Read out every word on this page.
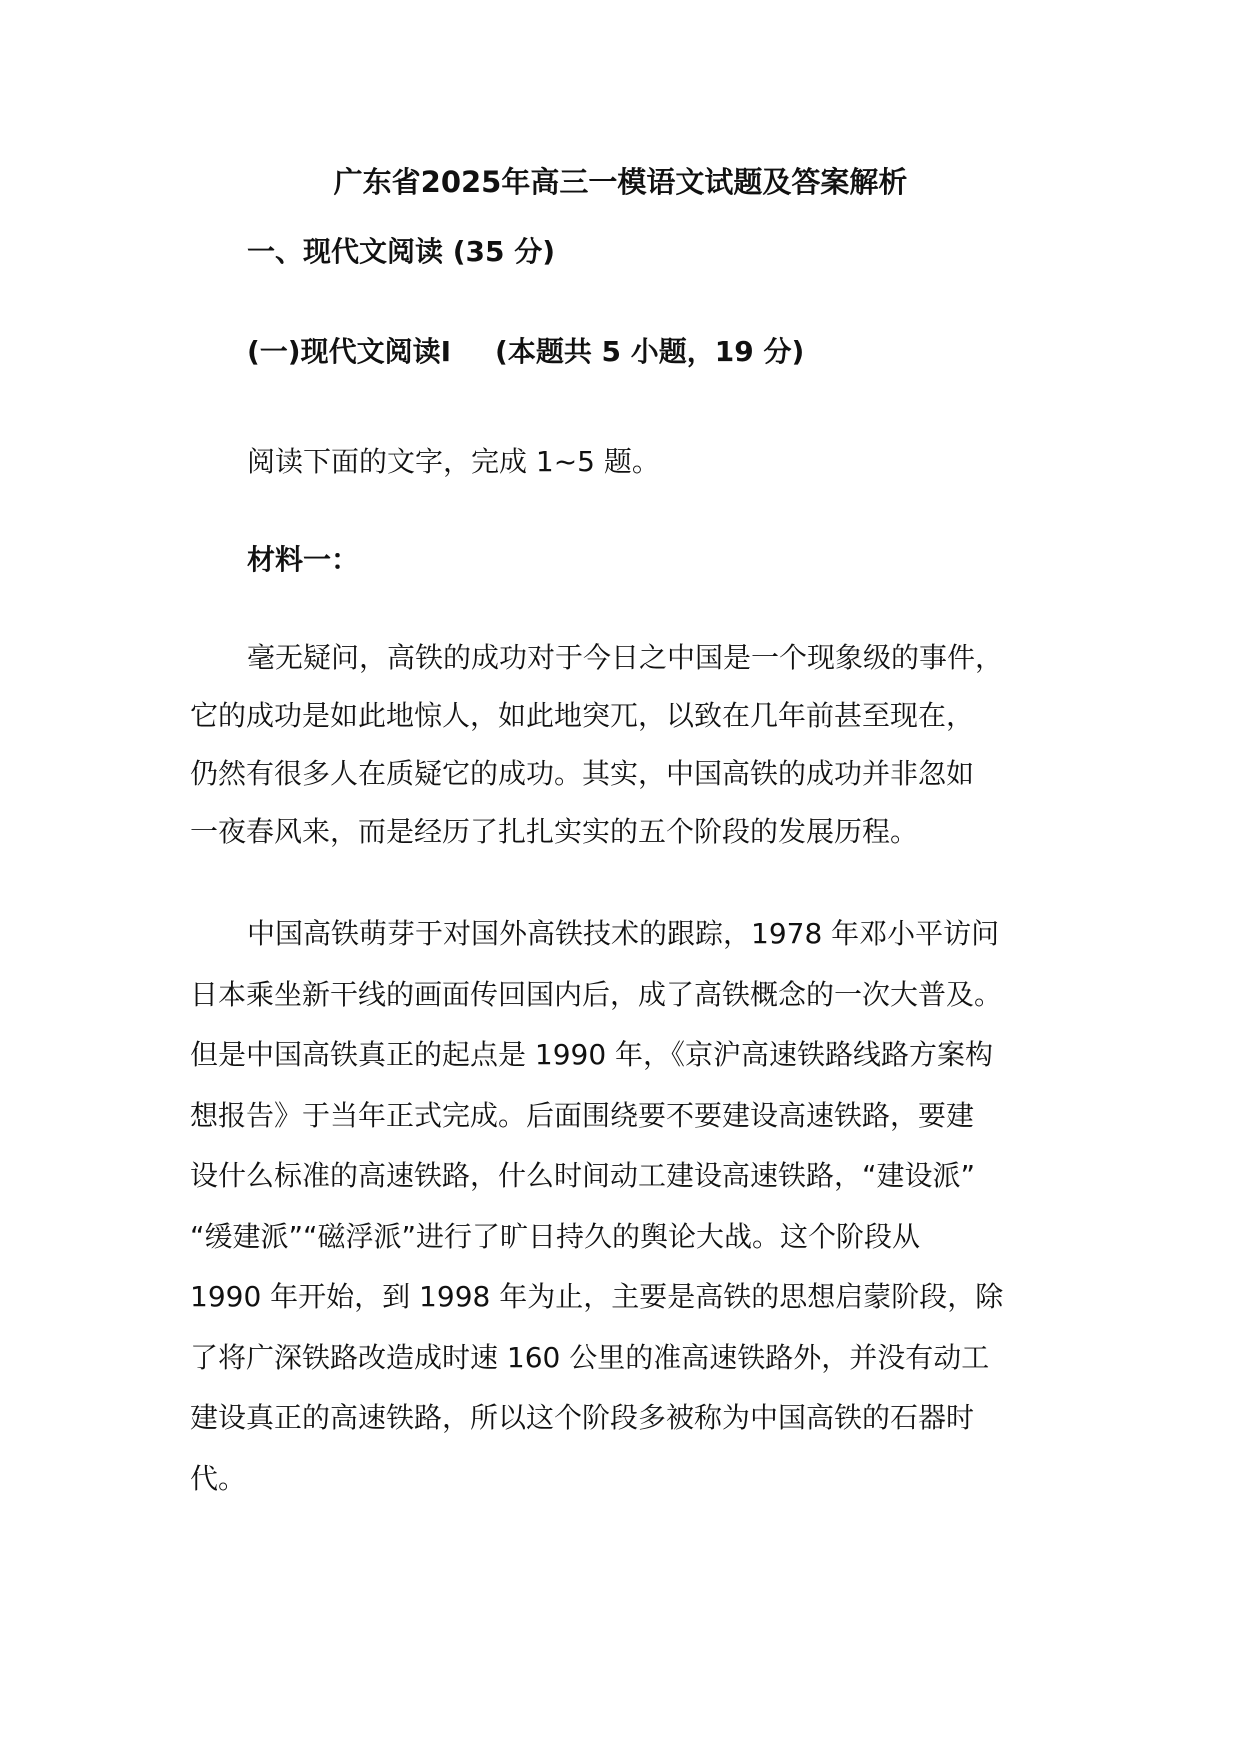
广东省2025年高三一模语文试题及答案解析
一、现代文阅读 (35 分)
(一)现代文阅读Ⅰ (本题共 5 小题，19 分)
阅读下面的文字，完成 1~5 题。
材料一：
毫无疑问，高铁的成功对于今日之中国是一个现象级的事件，
它的成功是如此地惊人，如此地突兀，以致在几年前甚至现在，
仍然有很多人在质疑它的成功。其实，中国高铁的成功并非忽如
一夜春风来，而是经历了扎扎实实的五个阶段的发展历程。
中国高铁萌芽于对国外高铁技术的跟踪，1978 年邓小平访问
日本乘坐新干线的画面传回国内后，成了高铁概念的一次大普及。
但是中国高铁真正的起点是 1990 年，《京沪高速铁路线路方案构
想报告》于当年正式完成。后面围绕要不要建设高速铁路，要建
设什么标准的高速铁路，什么时间动工建设高速铁路，“建设派”
“缓建派”“磁浮派”进行了旷日持久的舆论大战。这个阶段从
1990 年开始，到 1998 年为止，主要是高铁的思想启蒙阶段，除
了将广深铁路改造成时速 160 公里的准高速铁路外，并没有动工
建设真正的高速铁路，所以这个阶段多被称为中国高铁的石器时
代。
